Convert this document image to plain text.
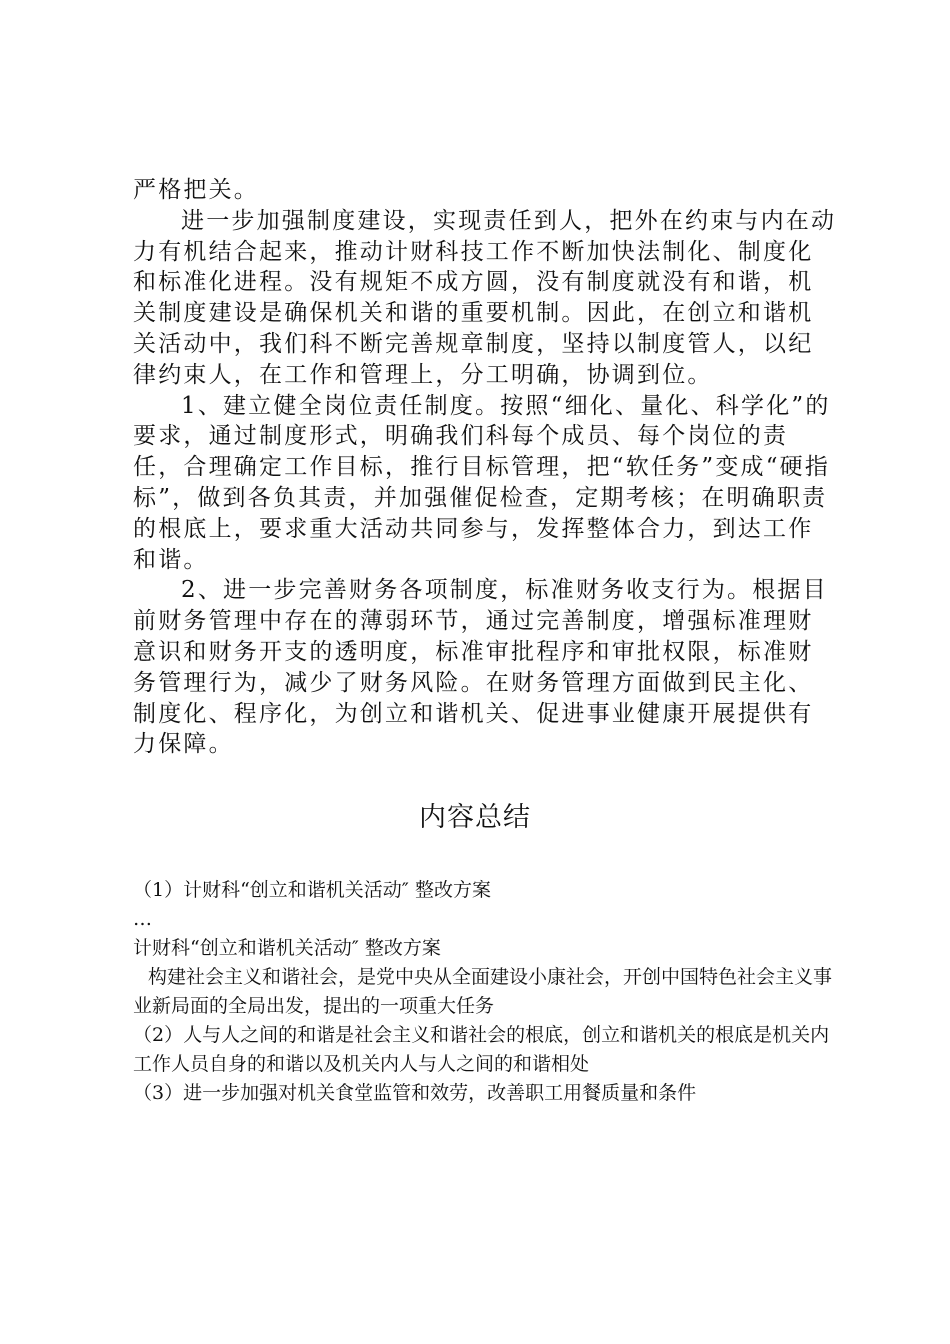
严格把关。

进一步加强制度建设，实现责任到人，把外在约束与内在动力有机结合起来，推动计财科技工作不断加快法制化、制度化和标准化进程。没有规矩不成方圆，没有制度就没有和谐，机关制度建设是确保机关和谐的重要机制。因此，在创立和谐机关活动中，我们科不断完善规章制度，坚持以制度管人，以纪律约束人，在工作和管理上，分工明确，协调到位。

1、建立健全岗位责任制度。按照“细化、量化、科学化”的要求，通过制度形式，明确我们科每个成员、每个岗位的责任，合理确定工作目标，推行目标管理，把“软任务”变成“硬指标”，做到各负其责，并加强催促检查，定期考核；在明确职责的根底上，要求重大活动共同参与，发挥整体合力，到达工作和谐。

2、进一步完善财务各项制度，标准财务收支行为。根据目前财务管理中存在的薄弱环节，通过完善制度，增强标准理财意识和财务开支的透明度，标准审批程序和审批权限，标准财务管理行为，减少了财务风险。在财务管理方面做到民主化、制度化、程序化，为创立和谐机关、促进事业健康开展提供有力保障。

内容总结

（1）计财科“创立和谐机关活动″ 整改方案

…

计财科“创立和谐机关活动″ 整改方案

构建社会主义和谐社会，是党中央从全面建设小康社会，开创中国特色社会主义事业新局面的全局出发，提出的一项重大任务

（2）人与人之间的和谐是社会主义和谐社会的根底，创立和谐机关的根底是机关内工作人员自身的和谐以及机关内人与人之间的和谐相处

（3）进一步加强对机关食堂监管和效劳，改善职工用餐质量和条件
